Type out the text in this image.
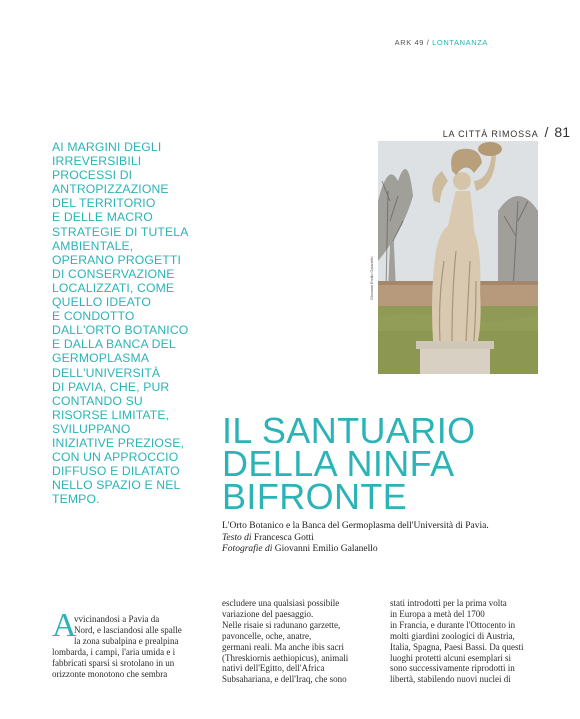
ARK 49 / LONTANANZA
LA CITTÀ RIMOSSA / 81
AI MARGINI DEGLI
IRREVERSIBILI
PROCESSI DI
ANTROPIZZAZIONE
DEL TERRITORIO
E DELLE MACRO
STRATEGIE DI TUTELA
AMBIENTALE,
OPERANO PROGETTI
DI CONSERVAZIONE
LOCALIZZATI, COME
QUELLO IDEATO
E CONDOTTO
DALL'ORTO BOTANICO
E DALLA BANCA DEL
GERMOPLASMA
DELL'UNIVERSITÀ
DI PAVIA, CHE, PUR
CONTANDO SU
RISORSE LIMITATE,
SVILUPPANO
INIZIATIVE PREZIOSE,
CON UN APPROCCIO
DIFFUSO E DILATATO
NELLO SPAZIO E NEL
TEMPO.
Giovanni Emilio Galanello
IL SANTUARIO
DELLA NINFA
BIFRONTE
L'Orto Botanico e la Banca del Germoplasma dell'Università di Pavia.
Testo di Francesca Gotti
Fotografie di Giovanni Emilio Galanello
A
vvicinandosi a Pavia da
Nord, e lasciandosi alle spalle
la zona subalpina e prealpina
lombarda, i campi, l'aria umida e i
fabbricati sparsi si srotolano in un
orizzonte monotono che sembra
escludere una qualsiasi possibile
variazione del paesaggio.
Nelle risaie si radunano garzette,
pavoncelle, oche, anatre,
germani reali. Ma anche ibis sacri
(Threskiornis aethiopicus), animali
nativi dell'Egitto, dell'Africa
Subsahariana, e dell'Iraq, che sono
stati introdotti per la prima volta
in Europa a metà del 1700
in Francia, e durante l'Ottocento in
molti giardini zoologici di Austria,
Italia, Spagna, Paesi Bassi. Da questi
luoghi protetti alcuni esemplari si
sono successivamente riprodotti in
libertà, stabilendo nuovi nuclei di
